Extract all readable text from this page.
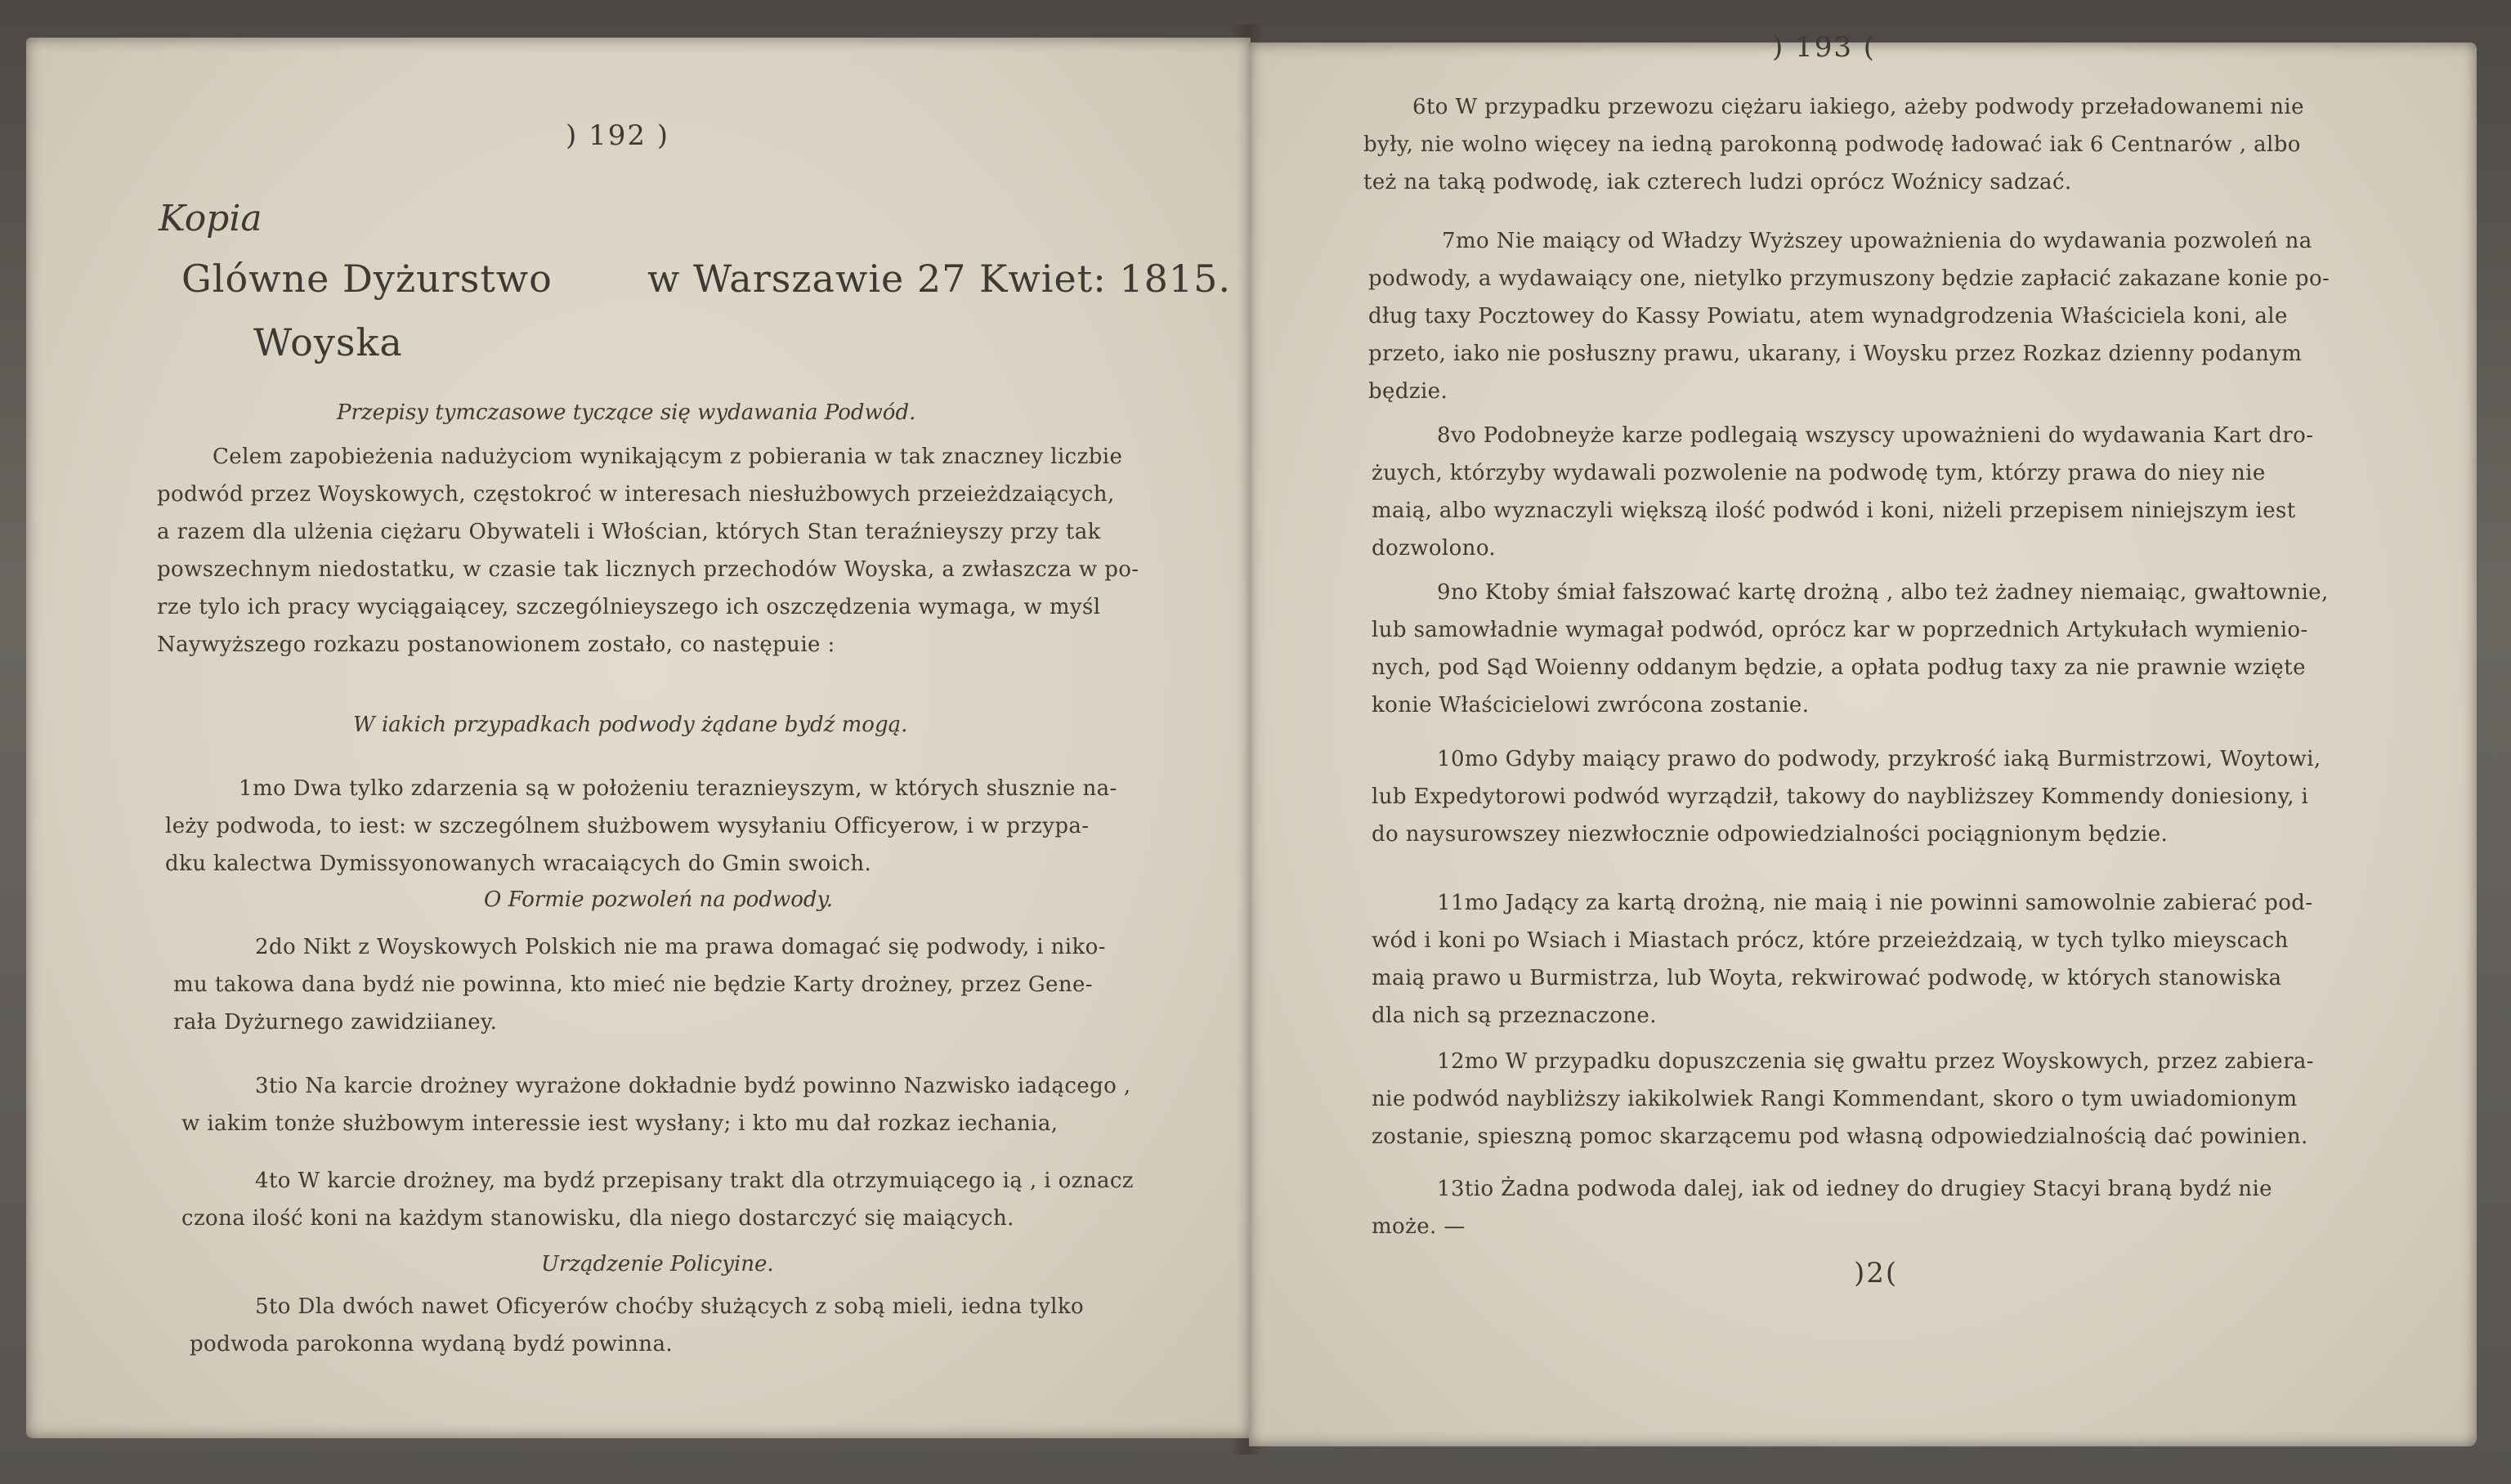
) 192 )

Kopia

Glówne Dyżurstwo

Woyska

w Warszawie 27 Kwiet: 1815.

Przepisy tymczasowe tyczące się wydawania Podwód.

Celem zapobieżenia nadużyciom wynikającym z pobierania w tak znaczney liczbie
podwód przez Woyskowych, częstokroć w interesach niesłużbowych przeieżdzaiących,
a razem dla ulżenia ciężaru Obywateli i Włościan, których Stan teraźnieyszy przy tak
powszechnym niedostatku, w czasie tak licznych przechodów Woyska, a zwłaszcza w po-
rze tylo ich pracy wyciągaiącey, szczególnieyszego ich oszczędzenia wymaga, w myśl
Naywyższego rozkazu postanowionem zostało, co następuie :

W iakich przypadkach podwody żądane bydź mogą.

1mo Dwa tylko zdarzenia są w położeniu teraznieyszym, w których słusznie na-
leży podwoda, to iest: w szczególnem służbowem wysyłaniu Officyerow, i w przypa-
dku kalectwa Dymissyonowanych wracaiących do Gmin swoich.

O Formie pozwoleń na podwody.

2do Nikt z Woyskowych Polskich nie ma prawa domagać się podwody, i niko-
mu takowa dana bydź nie powinna, kto mieć nie będzie Karty drożney, przez Gene-
rała Dyżurnego zawidziianey.
3tio Na karcie drożney wyrażone dokładnie bydź powinno Nazwisko iadącego ,
w iakim tonże służbowym interessie iest wysłany; i kto mu dał rozkaz iechania,
4to W karcie drożney, ma bydź przepisany trakt dla otrzymuiącego ią , i oznacz
czona ilość koni na każdym stanowisku, dla niego dostarczyć się maiących.

Urządzenie Policyine.

5to Dla dwóch nawet Oficyerów choćby służących z sobą mieli, iedna tylko
podwoda parokonna wydaną bydź powinna.

) 193 (

6to W przypadku przewozu ciężaru iakiego, ażeby podwody przeładowanemi nie
były, nie wolno więcey na iedną parokonną podwodę ładować iak 6 Centnarów , albo
też na taką podwodę, iak czterech ludzi oprócz Woźnicy sadzać.
7mo Nie maiący od Władzy Wyższey upoważnienia do wydawania pozwoleń na
podwody, a wydawaiący one, nietylko przymuszony będzie zapłacić zakazane konie po-
dług taxy Pocztowey do Kassy Powiatu, atem wynadgrodzenia Właściciela koni, ale
przeto, iako nie posłuszny prawu, ukarany, i Woysku przez Rozkaz dzienny podanym
będzie.
8vo Podobneyże karze podlegaią wszyscy upoważnieni do wydawania Kart dro-
żuych, którzyby wydawali pozwolenie na podwodę tym, którzy prawa do niey nie
maią, albo wyznaczyli większą ilość podwód i koni, niżeli przepisem niniejszym iest
dozwolono.
9no Ktoby śmiał fałszować kartę drożną , albo też żadney niemaiąc, gwałtownie,
lub samowładnie wymagał podwód, oprócz kar w poprzednich Artykułach wymienio-
nych, pod Sąd Woienny oddanym będzie, a opłata podług taxy za nie prawnie wzięte
konie Właścicielowi zwrócona zostanie.
10mo Gdyby maiący prawo do podwody, przykrość iaką Burmistrzowi, Woytowi,
lub Expedytorowi podwód wyrządził, takowy do naybliższey Kommendy doniesiony, i
do naysurowszey niezwłocznie odpowiedzialności pociągnionym będzie.
11mo Jadący za kartą drożną, nie maią i nie powinni samowolnie zabierać pod-
wód i koni po Wsiach i Miastach prócz, które przeieżdzaią, w tych tylko mieyscach
maią prawo u Burmistrza, lub Woyta, rekwirować podwodę, w których stanowiska
dla nich są przeznaczone.
12mo W przypadku dopuszczenia się gwałtu przez Woyskowych, przez zabiera-
nie podwód naybliższy iakikolwiek Rangi Kommendant, skoro o tym uwiadomionym
zostanie, spieszną pomoc skarzącemu pod własną odpowiedzialnością dać powinien.
13tio Żadna podwoda dalej, iak od iedney do drugiey Stacyi braną bydź nie
może. —

)2(
